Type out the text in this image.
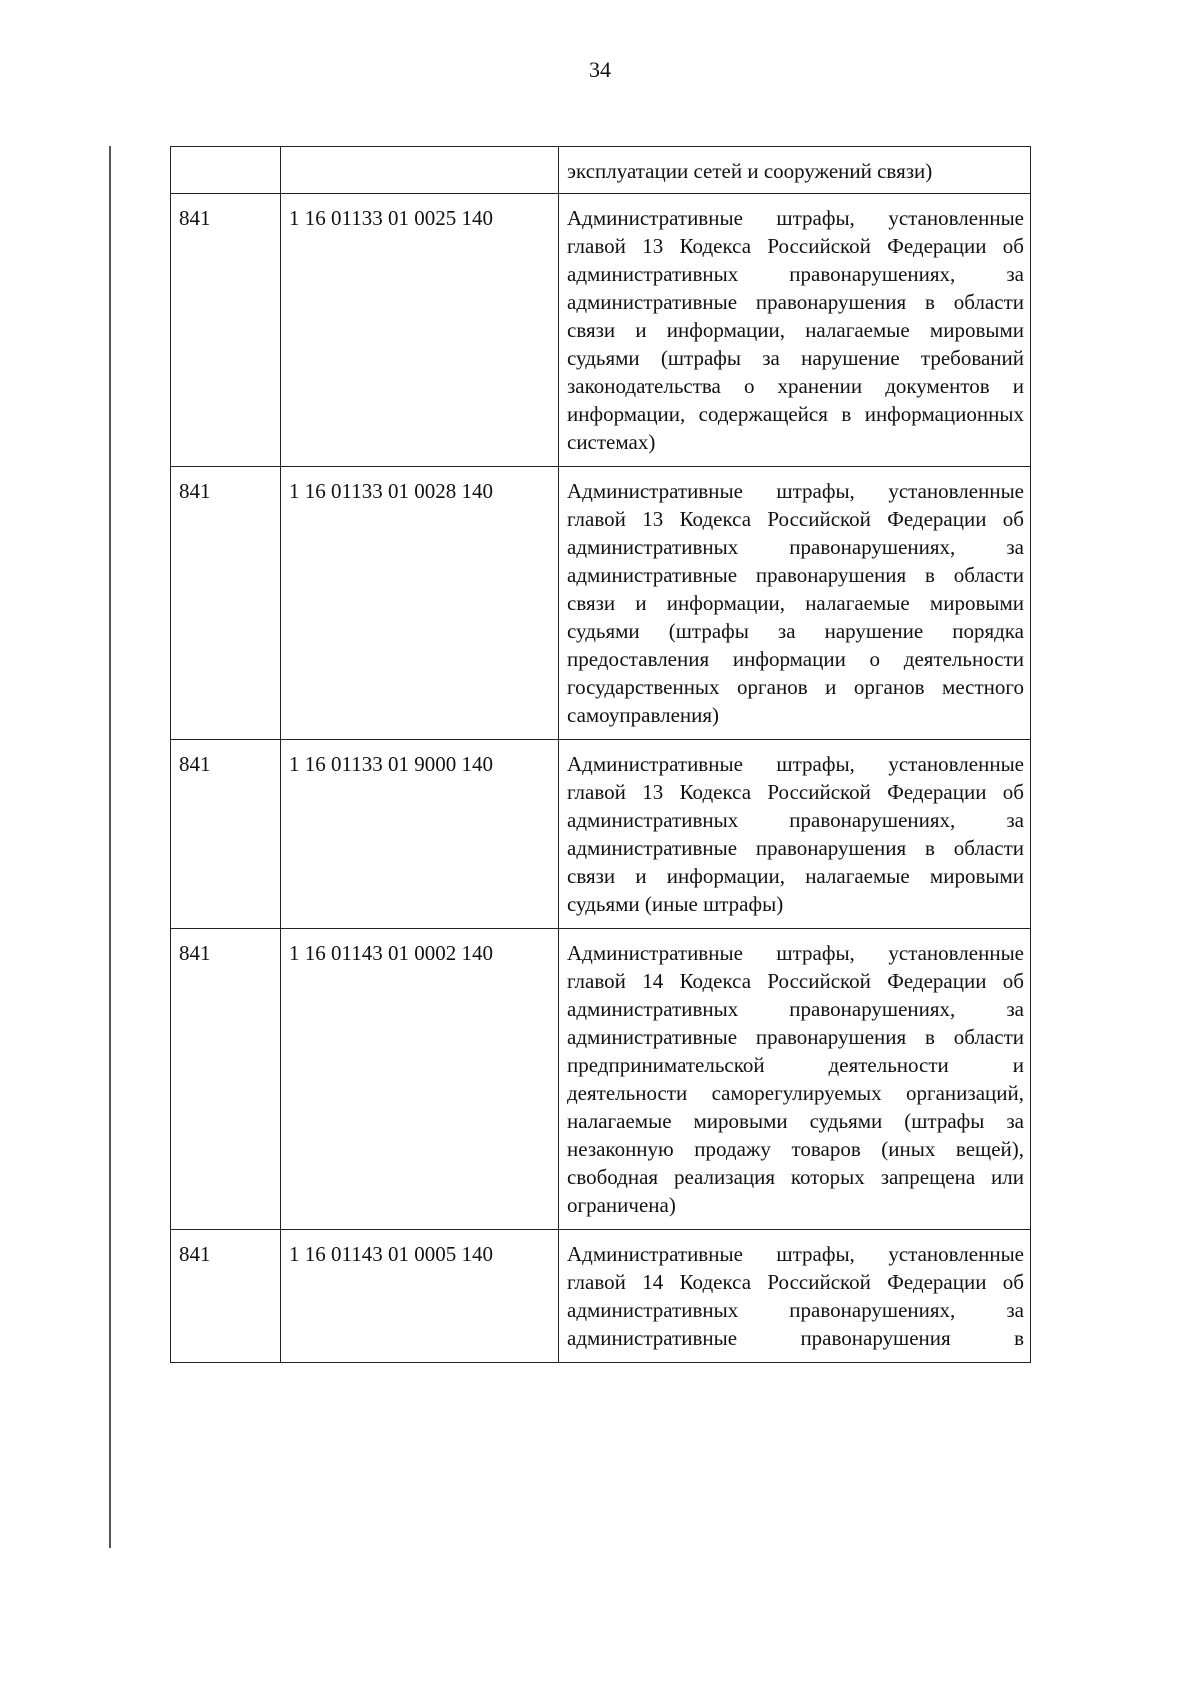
34
		эксплуатации сетей и сооружений связи)
841	1 16 01133 01 0025 140	Административные штрафы, установленные главой 13 Кодекса Российской Федерации об административных правонарушениях, за административные правонарушения в области связи и информации, налагаемые мировыми судьями (штрафы за нарушение требований законодательства о хранении документов и информации, содержащейся в информационных системах)
841	1 16 01133 01 0028 140	Административные штрафы, установленные главой 13 Кодекса Российской Федерации об административных правонарушениях, за административные правонарушения в области связи и информации, налагаемые мировыми судьями (штрафы за нарушение порядка предоставления информации о деятельности государственных органов и органов местного самоуправления)
841	1 16 01133 01 9000 140	Административные штрафы, установленные главой 13 Кодекса Российской Федерации об административных правонарушениях, за административные правонарушения в области связи и информации, налагаемые мировыми судьями (иные штрафы)
841	1 16 01143 01 0002 140	Административные штрафы, установленные главой 14 Кодекса Российской Федерации об административных правонарушениях, за административные правонарушения в области предпринимательской деятельности и деятельности саморегулируемых организаций, налагаемые мировыми судьями (штрафы за незаконную продажу товаров (иных вещей), свободная реализация которых запрещена или ограничена)
841	1 16 01143 01 0005 140	Административные штрафы, установленные главой 14 Кодекса Российской Федерации об административных правонарушениях, за административные правонарушения в
